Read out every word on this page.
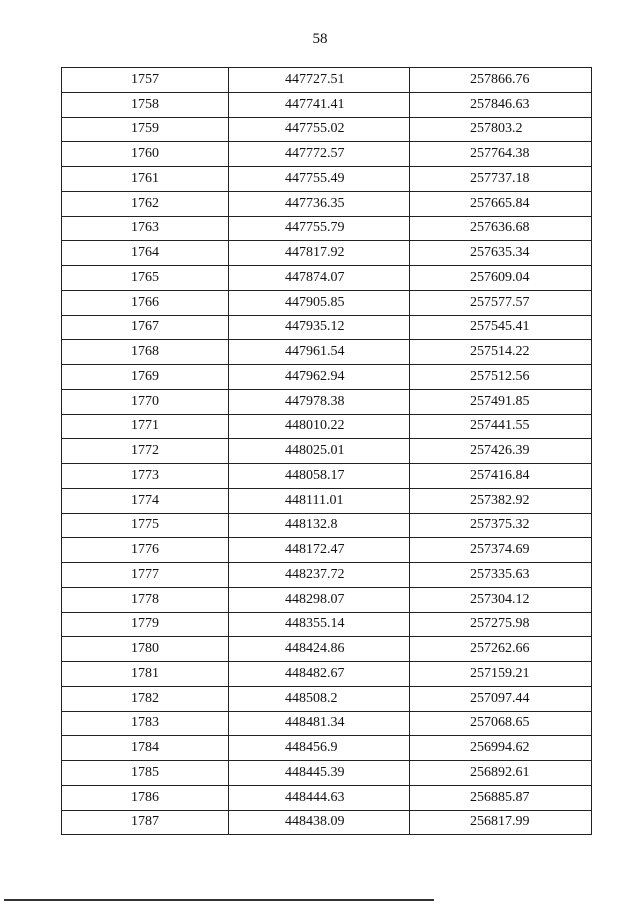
58
1757	447727.51	257866.76
1758	447741.41	257846.63
1759	447755.02	257803.2
1760	447772.57	257764.38
1761	447755.49	257737.18
1762	447736.35	257665.84
1763	447755.79	257636.68
1764	447817.92	257635.34
1765	447874.07	257609.04
1766	447905.85	257577.57
1767	447935.12	257545.41
1768	447961.54	257514.22
1769	447962.94	257512.56
1770	447978.38	257491.85
1771	448010.22	257441.55
1772	448025.01	257426.39
1773	448058.17	257416.84
1774	448111.01	257382.92
1775	448132.8	257375.32
1776	448172.47	257374.69
1777	448237.72	257335.63
1778	448298.07	257304.12
1779	448355.14	257275.98
1780	448424.86	257262.66
1781	448482.67	257159.21
1782	448508.2	257097.44
1783	448481.34	257068.65
1784	448456.9	256994.62
1785	448445.39	256892.61
1786	448444.63	256885.87
1787	448438.09	256817.99
